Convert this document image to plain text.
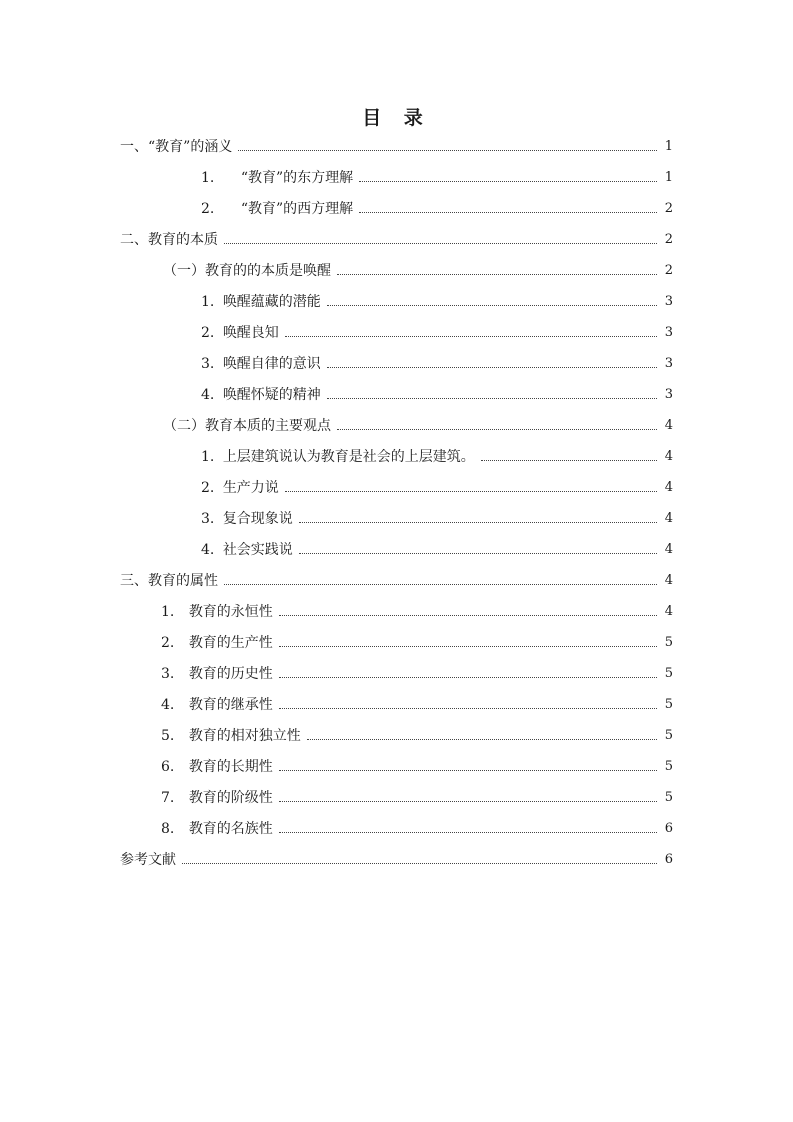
目 录
一、“教育”的涵义	1
1. “教育”的东方理解	1
2. “教育”的西方理解	2
二、教育的本质	2
（一）教育的的本质是唤醒	2
1. 唤醒蕴藏的潜能	3
2. 唤醒良知	3
3. 唤醒自律的意识	3
4. 唤醒怀疑的精神	3
（二）教育本质的主要观点	4
1. 上层建筑说认为教育是社会的上层建筑。	4
2. 生产力说	4
3. 复合现象说	4
4. 社会实践说	4
三、教育的属性	4
1. 教育的永恒性	4
2. 教育的生产性	5
3. 教育的历史性	5
4. 教育的继承性	5
5. 教育的相对独立性	5
6. 教育的长期性	5
7. 教育的阶级性	5
8. 教育的名族性	6
参考文献	6
